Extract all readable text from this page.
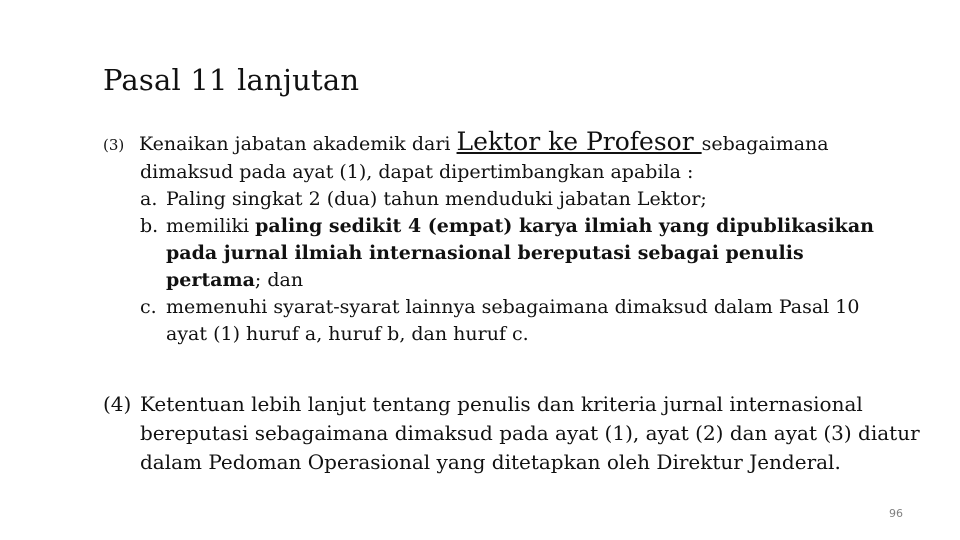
Pasal 11 lanjutan
(3) Kenaikan jabatan akademik dari Lektor ke Profesor sebagaimana
dimaksud pada ayat (1), dapat dipertimbangkan apabila :
a. Paling singkat 2 (dua) tahun menduduki jabatan Lektor;
b. memiliki paling sedikit 4 (empat) karya ilmiah yang dipublikasikan
pada jurnal ilmiah internasional bereputasi sebagai penulis
pertama; dan
c. memenuhi syarat-syarat lainnya sebagaimana dimaksud dalam Pasal 10
ayat (1) huruf a, huruf b, dan huruf c.
(4) Ketentuan lebih lanjut tentang penulis dan kriteria jurnal internasional
bereputasi sebagaimana dimaksud pada ayat (1), ayat (2) dan ayat (3) diatur
dalam Pedoman Operasional yang ditetapkan oleh Direktur Jenderal.
96
